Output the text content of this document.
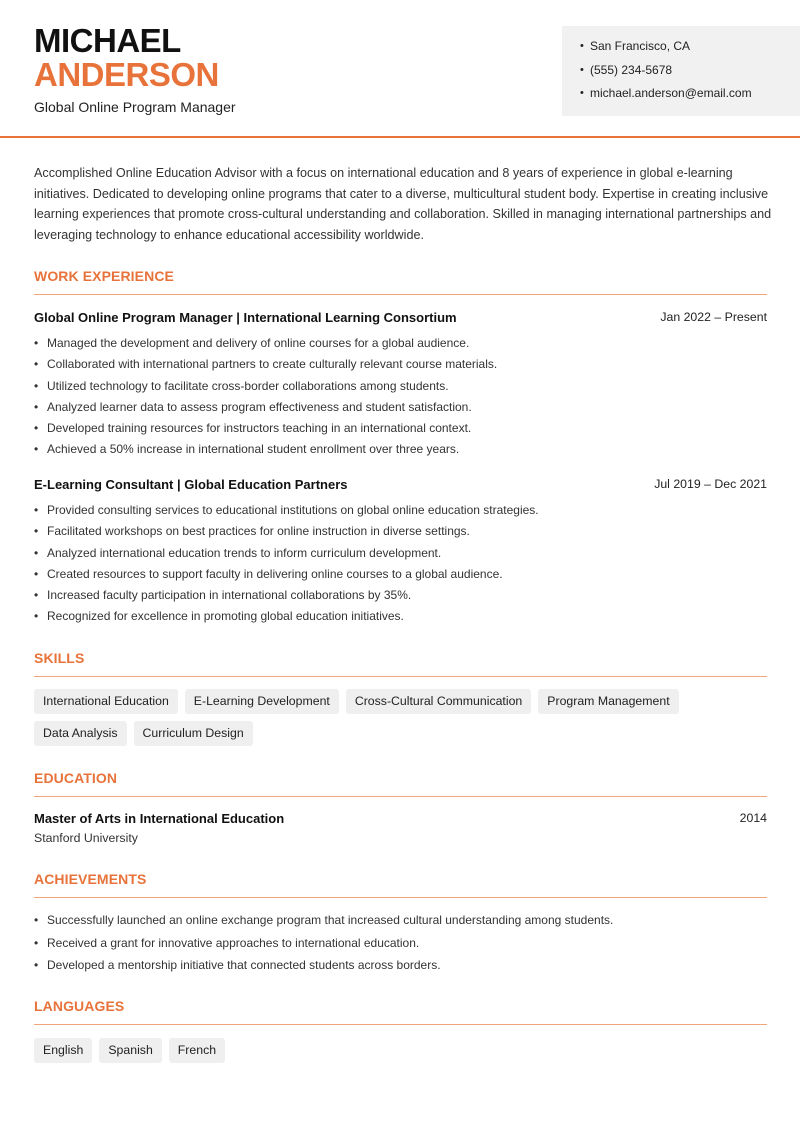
MICHAEL
ANDERSON
Global Online Program Manager
• San Francisco, CA
• (555) 234-5678
• michael.anderson@email.com

Accomplished Online Education Advisor with a focus on international education and 8 years of experience in global e-learning initiatives. Dedicated to developing online programs that cater to a diverse, multicultural student body. Expertise in creating inclusive learning experiences that promote cross-cultural understanding and collaboration. Skilled in managing international partnerships and leveraging technology to enhance educational accessibility worldwide.

WORK EXPERIENCE
Global Online Program Manager | International Learning Consortium	Jan 2022 – Present
• Managed the development and delivery of online courses for a global audience.
• Collaborated with international partners to create culturally relevant course materials.
• Utilized technology to facilitate cross-border collaborations among students.
• Analyzed learner data to assess program effectiveness and student satisfaction.
• Developed training resources for instructors teaching in an international context.
• Achieved a 50% increase in international student enrollment over three years.
E-Learning Consultant | Global Education Partners	Jul 2019 – Dec 2021
• Provided consulting services to educational institutions on global online education strategies.
• Facilitated workshops on best practices for online instruction in diverse settings.
• Analyzed international education trends to inform curriculum development.
• Created resources to support faculty in delivering online courses to a global audience.
• Increased faculty participation in international collaborations by 35%.
• Recognized for excellence in promoting global education initiatives.
SKILLS
International Education	E-Learning Development	Cross-Cultural Communication	Program Management
Data Analysis	Curriculum Design
EDUCATION
Master of Arts in International Education	2014
Stanford University
ACHIEVEMENTS
• Successfully launched an online exchange program that increased cultural understanding among students.
• Received a grant for innovative approaches to international education.
• Developed a mentorship initiative that connected students across borders.
LANGUAGES
English	Spanish	French
